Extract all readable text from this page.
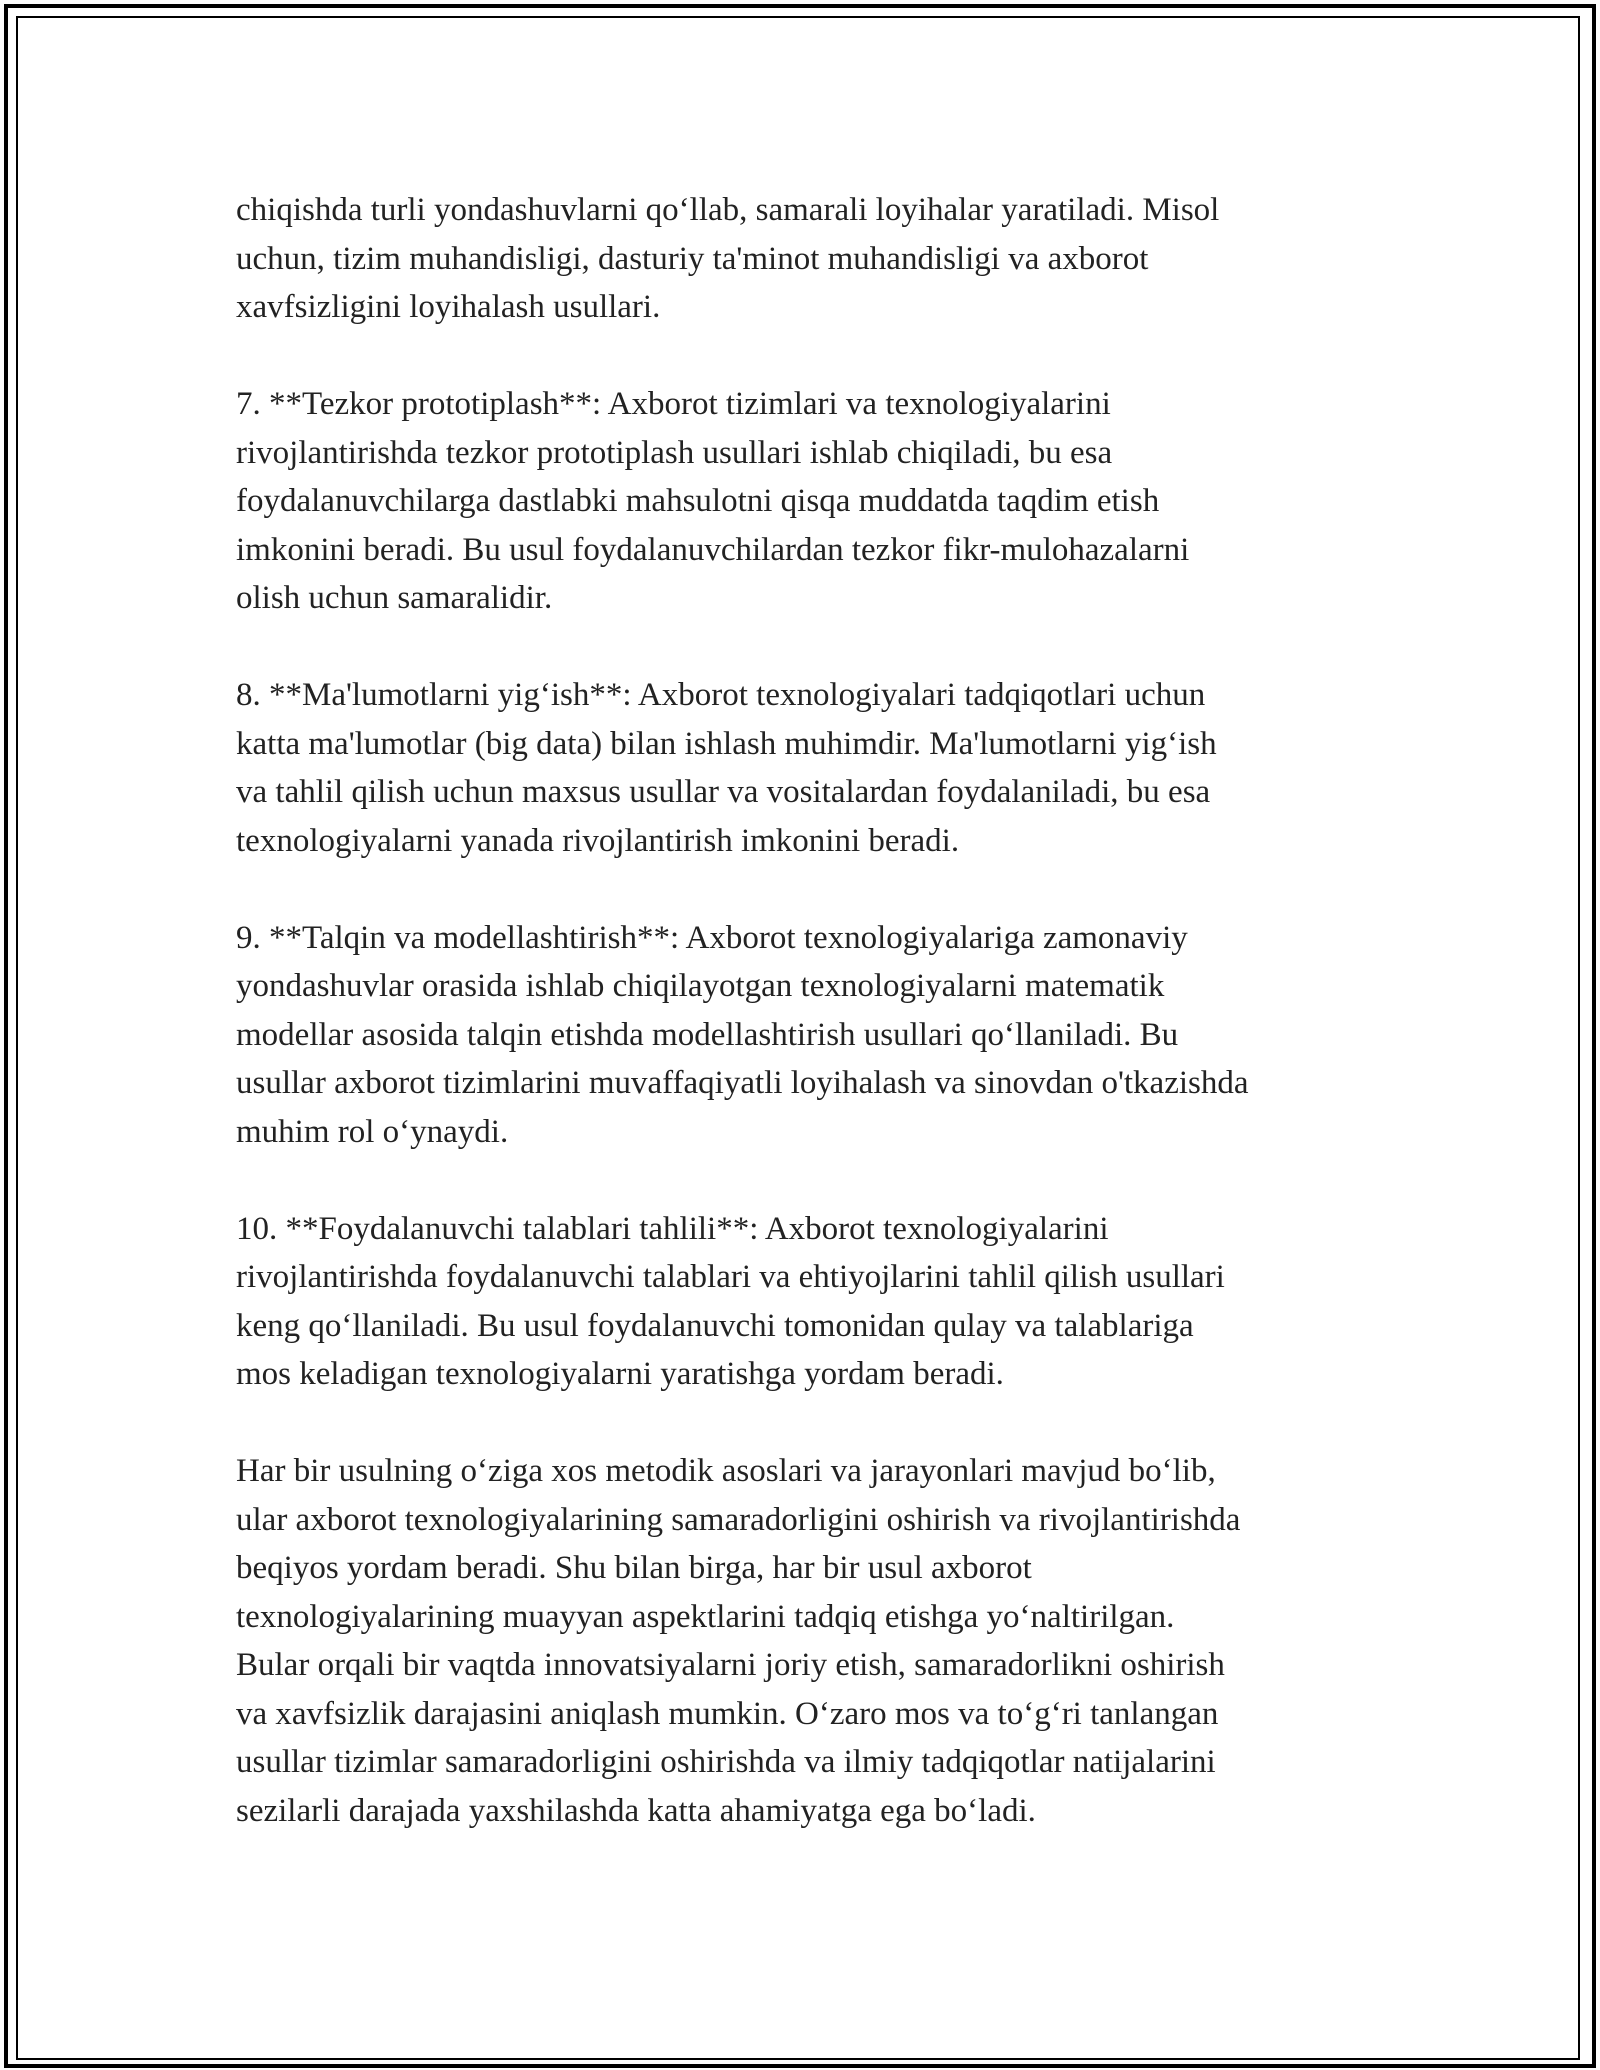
chiqishda turli yondashuvlarni qo‘llab, samarali loyihalar yaratiladi. Misol
uchun, tizim muhandisligi, dasturiy ta'minot muhandisligi va axborot
xavfsizligini loyihalash usullari.

7. **Tezkor prototiplash**: Axborot tizimlari va texnologiyalarini
rivojlantirishda tezkor prototiplash usullari ishlab chiqiladi, bu esa
foydalanuvchilarga dastlabki mahsulotni qisqa muddatda taqdim etish
imkonini beradi. Bu usul foydalanuvchilardan tezkor fikr-mulohazalarni
olish uchun samaralidir.

8. **Ma'lumotlarni yig‘ish**: Axborot texnologiyalari tadqiqotlari uchun
katta ma'lumotlar (big data) bilan ishlash muhimdir. Ma'lumotlarni yig‘ish
va tahlil qilish uchun maxsus usullar va vositalardan foydalaniladi, bu esa
texnologiyalarni yanada rivojlantirish imkonini beradi.

9. **Talqin va modellashtirish**: Axborot texnologiyalariga zamonaviy
yondashuvlar orasida ishlab chiqilayotgan texnologiyalarni matematik
modellar asosida talqin etishda modellashtirish usullari qo‘llaniladi. Bu
usullar axborot tizimlarini muvaffaqiyatli loyihalash va sinovdan o'tkazishda
muhim rol o‘ynaydi.

10. **Foydalanuvchi talablari tahlili**: Axborot texnologiyalarini
rivojlantirishda foydalanuvchi talablari va ehtiyojlarini tahlil qilish usullari
keng qo‘llaniladi. Bu usul foydalanuvchi tomonidan qulay va talablariga
mos keladigan texnologiyalarni yaratishga yordam beradi.

Har bir usulning o‘ziga xos metodik asoslari va jarayonlari mavjud bo‘lib,
ular axborot texnologiyalarining samaradorligini oshirish va rivojlantirishda
beqiyos yordam beradi. Shu bilan birga, har bir usul axborot
texnologiyalarining muayyan aspektlarini tadqiq etishga yo‘naltirilgan.
Bular orqali bir vaqtda innovatsiyalarni joriy etish, samaradorlikni oshirish
va xavfsizlik darajasini aniqlash mumkin. O‘zaro mos va to‘g‘ri tanlangan
usullar tizimlar samaradorligini oshirishda va ilmiy tadqiqotlar natijalarini
sezilarli darajada yaxshilashda katta ahamiyatga ega bo‘ladi.
